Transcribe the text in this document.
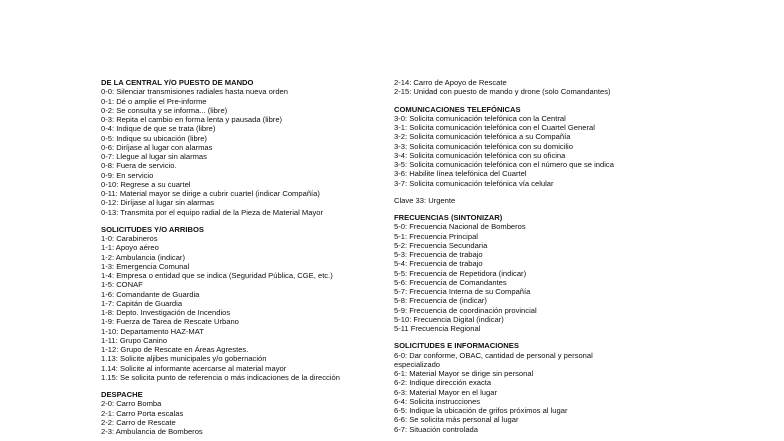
DE LA CENTRAL Y/O PUESTO DE MANDO
0-0: Silenciar transmisiones radiales hasta nueva orden
0-1: Dé o amplie el Pre-informe
0-2: Se consulta y se informa... (libre)
0-3: Repita el cambio en forma lenta y pausada (libre)
0-4: Indique de que se trata (libre)
0-5: Indique su ubicación (libre)
0-6: Diríjase al lugar con alarmas
0-7: Llegue al lugar sin alarmas
0-8: Fuera de servicio.
0-9: En servicio
0-10: Regrese a su cuartel
0-11: Material mayor se dirige a cubrir cuartel (indicar Compañía)
0-12: Diríjase al lugar sin alarmas
0-13: Transmita por el equipo radial de la Pieza de Material Mayor
SOLICITUDES Y/O ARRIBOS
1-0: Carabineros
1-1: Apoyo aéreo
1-2: Ambulancia (indicar)
1-3: Emergencia Comunal
1-4: Empresa o entidad que se indica (Seguridad Pública, CGE, etc.)
1-5: CONAF
1-6: Comandante de Guardia
1-7: Capitán de Guardia
1-8: Depto. Investigación de Incendios
1-9: Fuerza de Tarea de Rescate Urbano
1-10: Departamento HAZ-MAT
1-11: Grupo Canino
1-12: Grupo de Rescate en Áreas Agrestes.
1.13: Solicite aljibes municipales y/o gobernación
1.14: Solicite al informante acercarse al material mayor
1.15: Se solicita punto de referencia o más indicaciones de la dirección
DESPACHE
2-0: Carro Bomba
2-1: Carro Porta escalas
2-2: Carro de Rescate
2-3: Ambulancia de Bomberos
2-14: Carro de Apoyo de Rescate
2-15: Unidad con puesto de mando y drone (solo Comandantes)
COMUNICACIONES TELEFÓNICAS
3-0: Solicita comunicación telefónica con la Central
3-1: Solicita comunicación telefónica con el Cuartel General
3-2: Solicita comunicación telefónica a su Compañía
3-3: Solicita comunicación telefónica con su domicilio
3-4: Solicita comunicación telefónica con su oficina
3-5: Solicita comunicación telefónica con el número que se indica
3-6: Habilite línea telefónica del Cuartel
3-7: Solicita comunicación telefónica vía celular
Clave 33: Urgente
FRECUENCIAS (SINTONIZAR)
5-0: Frecuencia Nacional de Bomberos
5-1: Frecuencia Principal
5-2: Frecuencia Secundaria
5-3: Frecuencia de trabajo
5-4: Frecuencia de trabajo
5-5: Frecuencia de Repetidora (indicar)
5-6: Frecuencia de Comandantes
5-7: Frecuencia Interna de su Compañía
5-8: Frecuencia de (indicar)
5-9: Frecuencia de coordinación provincial
5-10: Frecuencia Digital (indicar)
5-11 Frecuencia Regional
SOLICITUDES E INFORMACIONES
6-0: Dar conforme, OBAC, cantidad de personal y personal especializado
6-1: Material Mayor se dirige sin personal
6-2: Indique dirección exacta
6-3: Material Mayor en el lugar
6-4: Solicita instrucciones
6-5: Indique la ubicación de grifos próximos al lugar
6-6: Se solicita más personal al lugar
6-7: Situación controlada
